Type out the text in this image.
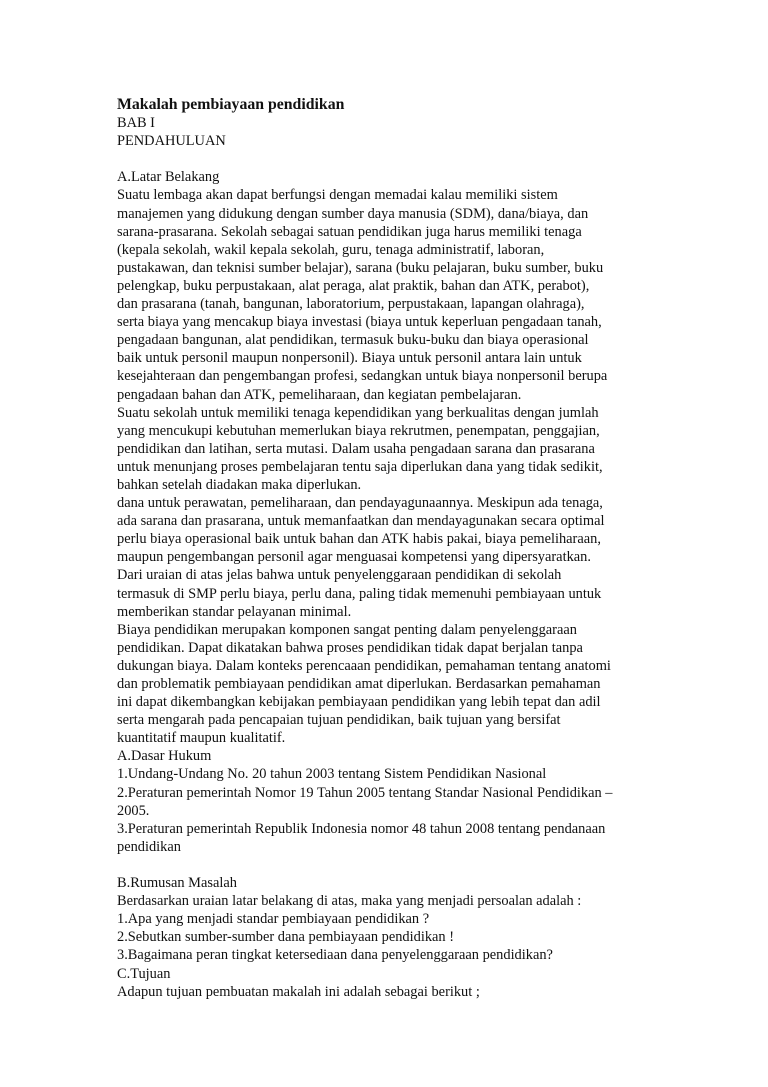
Makalah pembiayaan pendidikan
BAB I
PENDAHULUAN
A.Latar Belakang
Suatu lembaga akan dapat berfungsi dengan memadai kalau memiliki sistem
manajemen yang didukung dengan sumber daya manusia (SDM), dana/biaya, dan
sarana-prasarana. Sekolah sebagai satuan pendidikan juga harus memiliki tenaga
(kepala sekolah, wakil kepala sekolah, guru, tenaga administratif, laboran,
pustakawan, dan teknisi sumber belajar), sarana (buku pelajaran, buku sumber, buku
pelengkap, buku perpustakaan, alat peraga, alat praktik, bahan dan ATK, perabot),
dan prasarana (tanah, bangunan, laboratorium, perpustakaan, lapangan olahraga),
serta biaya yang mencakup biaya investasi (biaya untuk keperluan pengadaan tanah,
pengadaan bangunan, alat pendidikan, termasuk buku-buku dan biaya operasional
baik untuk personil maupun nonpersonil). Biaya untuk personil antara lain untuk
kesejahteraan dan pengembangan profesi, sedangkan untuk biaya nonpersonil berupa
pengadaan bahan dan ATK, pemeliharaan, dan kegiatan pembelajaran.
Suatu sekolah untuk memiliki tenaga kependidikan yang berkualitas dengan jumlah
yang mencukupi kebutuhan memerlukan biaya rekrutmen, penempatan, penggajian,
pendidikan dan latihan, serta mutasi. Dalam usaha pengadaan sarana dan prasarana
untuk menunjang proses pembelajaran tentu saja diperlukan dana yang tidak sedikit,
bahkan setelah diadakan maka diperlukan.
dana untuk perawatan, pemeliharaan, dan pendayagunaannya. Meskipun ada tenaga,
ada sarana dan prasarana, untuk memanfaatkan dan mendayagunakan secara optimal
perlu biaya operasional baik untuk bahan dan ATK habis pakai, biaya pemeliharaan,
maupun pengembangan personil agar menguasai kompetensi yang dipersyaratkan.
Dari uraian di atas jelas bahwa untuk penyelenggaraan pendidikan di sekolah
termasuk di SMP perlu biaya, perlu dana, paling tidak memenuhi pembiayaan untuk
memberikan standar pelayanan minimal.
Biaya pendidikan merupakan komponen sangat penting dalam penyelenggaraan
pendidikan. Dapat dikatakan bahwa proses pendidikan tidak dapat berjalan tanpa
dukungan biaya. Dalam konteks perencaaan pendidikan, pemahaman tentang anatomi
dan problematik pembiayaan pendidikan amat diperlukan. Berdasarkan pemahaman
ini dapat dikembangkan kebijakan pembiayaan pendidikan yang lebih tepat dan adil
serta mengarah pada pencapaian tujuan pendidikan, baik tujuan yang bersifat
kuantitatif maupun kualitatif.
A.Dasar Hukum
1.Undang-Undang No. 20 tahun 2003 tentang Sistem Pendidikan Nasional
2.Peraturan pemerintah Nomor 19 Tahun 2005 tentang Standar Nasional Pendidikan –
2005.
3.Peraturan pemerintah Republik Indonesia nomor 48 tahun 2008 tentang pendanaan
pendidikan
B.Rumusan Masalah
Berdasarkan uraian latar belakang di atas, maka yang menjadi persoalan adalah :
1.Apa yang menjadi standar pembiayaan pendidikan ?
2.Sebutkan sumber-sumber dana pembiayaan pendidikan !
3.Bagaimana peran tingkat ketersediaan dana penyelenggaraan pendidikan?
C.Tujuan
Adapun tujuan pembuatan makalah ini adalah sebagai berikut ;
